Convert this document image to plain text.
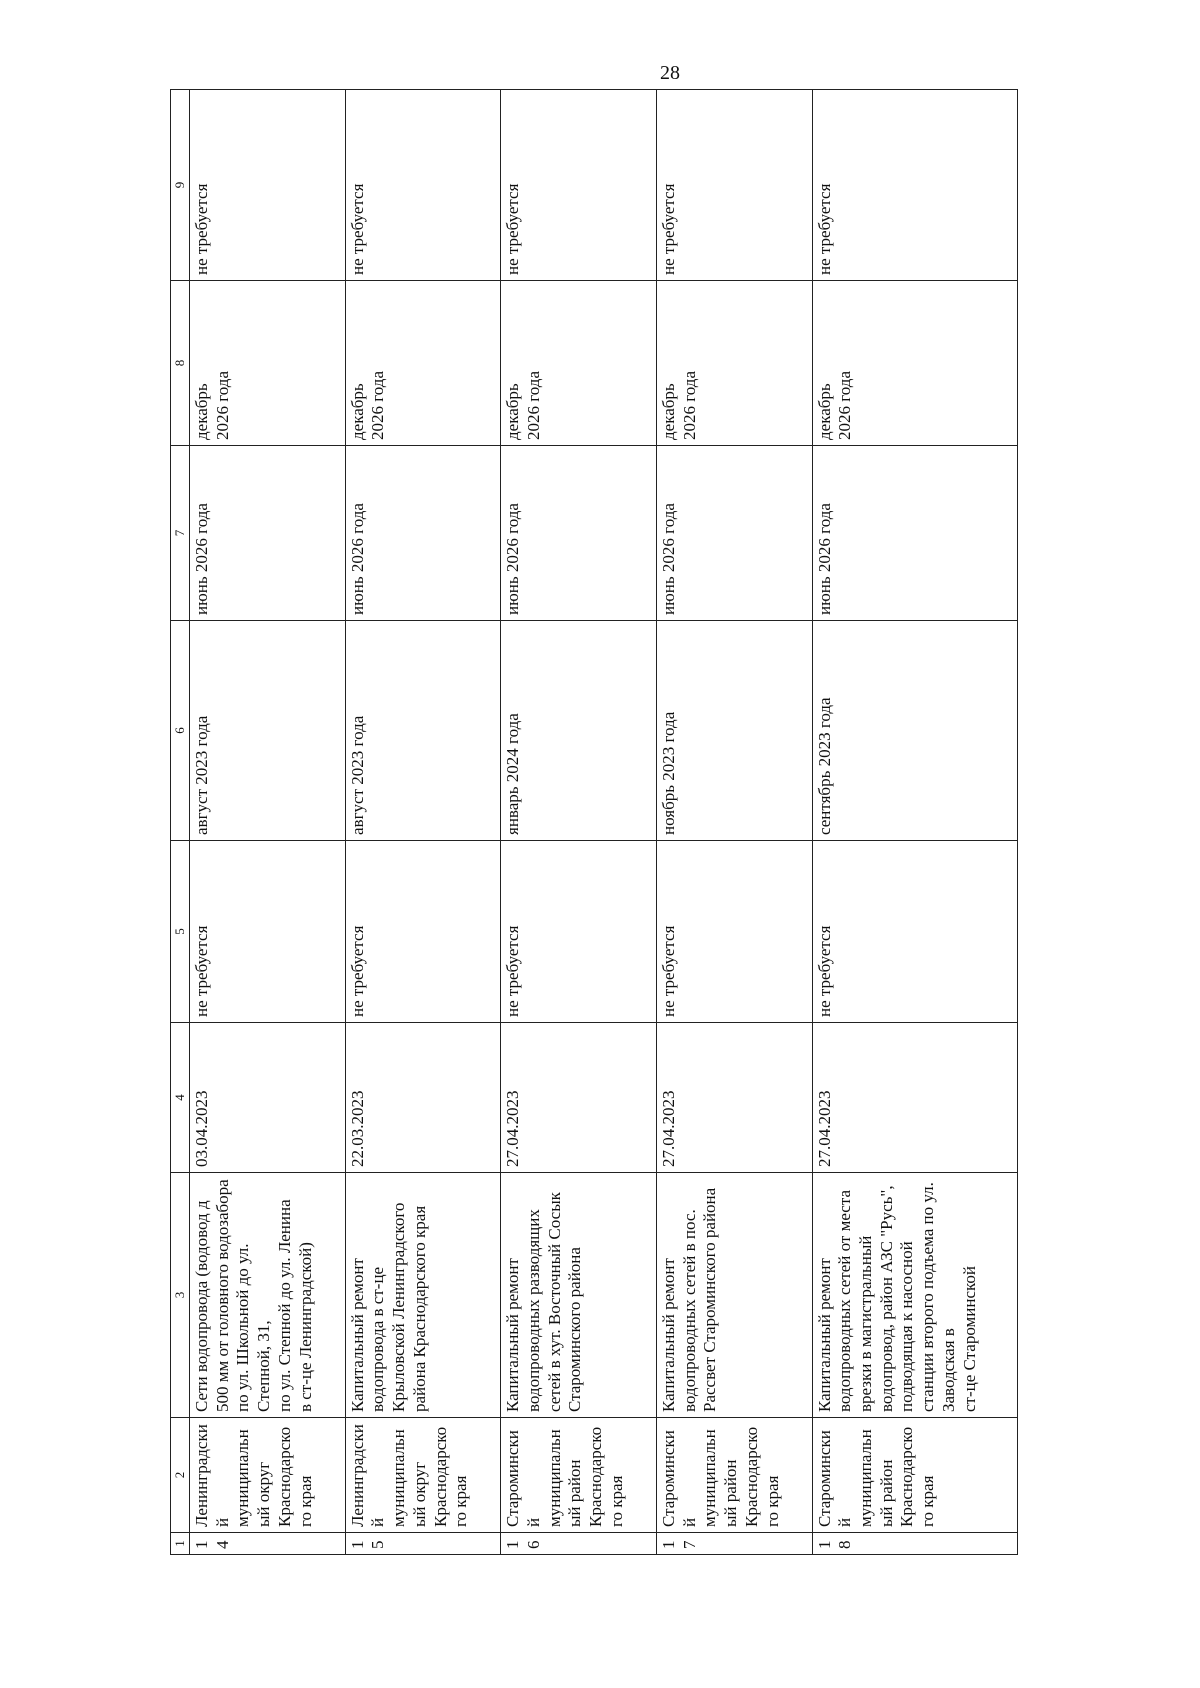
28
1	2	3	4	5	6	7	8	9
14	Ленинградский муниципальный округ Краснодарского края	Сети водопровода (водовод д 500 мм от головного водозабора по ул. Школьной до ул. Степной, 31, по ул. Степной до ул. Ленина в ст-це Ленинградской)	03.04.2023	не требуется	август 2023 года	июнь 2026 года	декабрь 2026 года	не требуется
15	Ленинградский муниципальный округ Краснодарского края	Капитальный ремонт водопровода в ст-це Крыловской Ленинградского района Краснодарского края	22.03.2023	не требуется	август 2023 года	июнь 2026 года	декабрь 2026 года	не требуется
16	Староминский муниципальный район Краснодарского края	Капитальный ремонт водопроводных разводящих сетей в хут. Восточный Сосык Староминского района	27.04.2023	не требуется	январь 2024 года	июнь 2026 года	декабрь 2026 года	не требуется
17	Староминский муниципальный район Краснодарского края	Капитальный ремонт водопроводных сетей в пос. Рассвет Староминского района	27.04.2023	не требуется	ноябрь 2023 года	июнь 2026 года	декабрь 2026 года	не требуется
18	Староминский муниципальный район Краснодарского края	Капитальный ремонт водопроводных сетей от места врезки в магистральный водопровод, район АЗС "Русь", подводящая к насосной станции второго подъема по ул. Заводская в ст-це Староминской	27.04.2023	не требуется	сентябрь 2023 года	июнь 2026 года	декабрь 2026 года	не требуется
